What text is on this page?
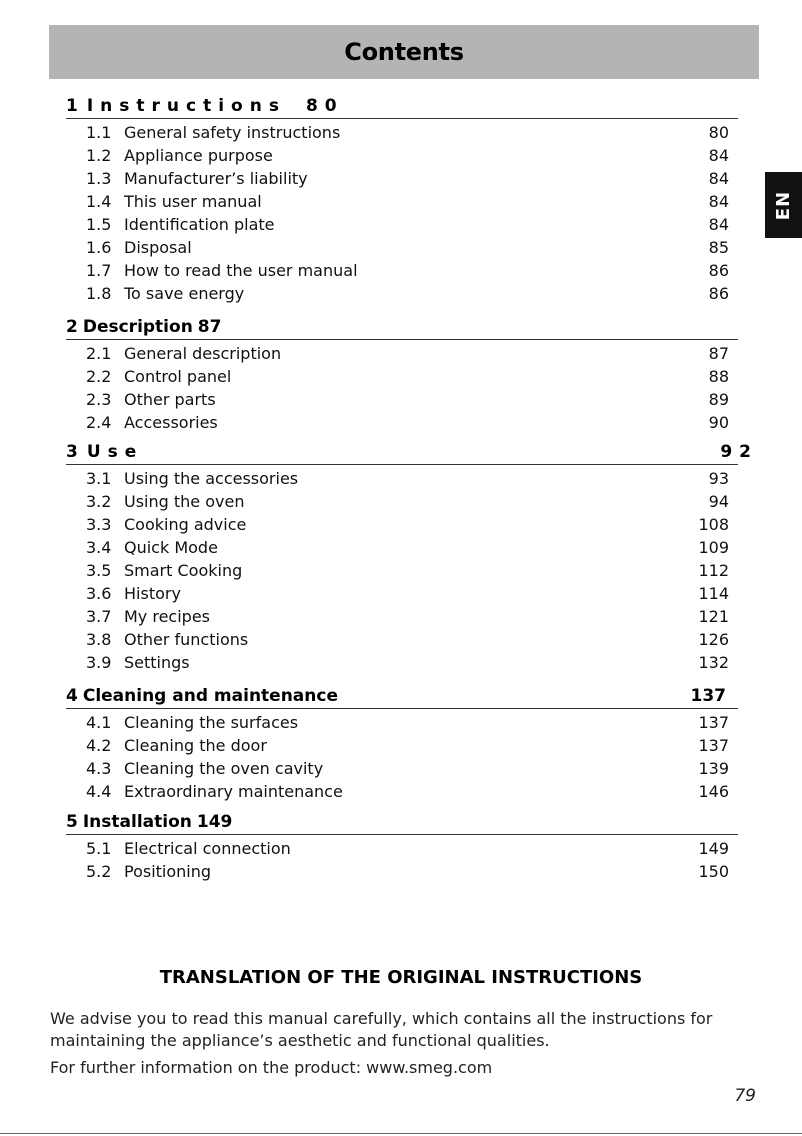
Contents
EN
1 Instructions 80
1.1 General safety instructions	80
1.2 Appliance purpose	84
1.3 Manufacturer’s liability	84
1.4 This user manual	84
1.5 Identification plate	84
1.6 Disposal	85
1.7 How to read the user manual	86
1.8 To save energy	86
2 Description 87
2.1 General description	87
2.2 Control panel	88
2.3 Other parts	89
2.4 Accessories	90
3 Use	92
3.1 Using the accessories	93
3.2 Using the oven	94
3.3 Cooking advice	108
3.4 Quick Mode	109
3.5 Smart Cooking	112
3.6 History	114
3.7 My recipes	121
3.8 Other functions	126
3.9 Settings	132
4 Cleaning and maintenance	137
4.1 Cleaning the surfaces	137
4.2 Cleaning the door	137
4.3 Cleaning the oven cavity	139
4.4 Extraordinary maintenance	146
5 Installation 149
5.1 Electrical connection	149
5.2 Positioning	150
TRANSLATION OF THE ORIGINAL INSTRUCTIONS
We advise you to read this manual carefully, which contains all the instructions for maintaining the appliance’s aesthetic and functional qualities.
For further information on the product: www.smeg.com
79
